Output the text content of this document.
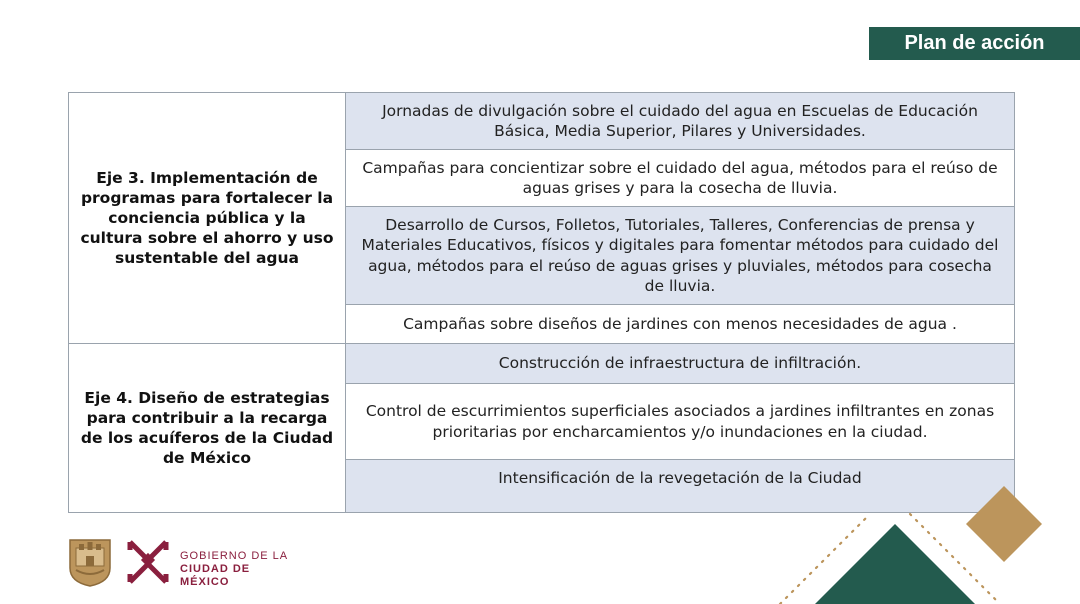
Plan de acción
Eje 3. Implementación de programas para fortalecer la conciencia pública y la cultura sobre el ahorro y uso sustentable del agua	Jornadas de divulgación sobre el cuidado del agua en Escuelas de Educación Básica, Media Superior, Pilares y Universidades.
	Campañas para concientizar sobre el cuidado del agua, métodos para el reúso de aguas grises y para la cosecha de lluvia.
	Desarrollo de Cursos, Folletos, Tutoriales, Talleres, Conferencias de prensa y Materiales Educativos, físicos y digitales para fomentar métodos para cuidado del agua, métodos para el reúso de aguas grises y pluviales, métodos para cosecha de lluvia.
	Campañas sobre diseños de jardines con menos necesidades de agua .
Eje 4. Diseño de estrategias para contribuir a la recarga de los acuíferos de la Ciudad de México	Construcción de infraestructura de infiltración.
	Control de escurrimientos superficiales asociados a jardines infiltrantes en zonas prioritarias por encharcamientos y/o inundaciones en la ciudad.
	Intensificación de la revegetación de la Ciudad
GOBIERNO DE LA
CIUDAD DE MÉXICO
